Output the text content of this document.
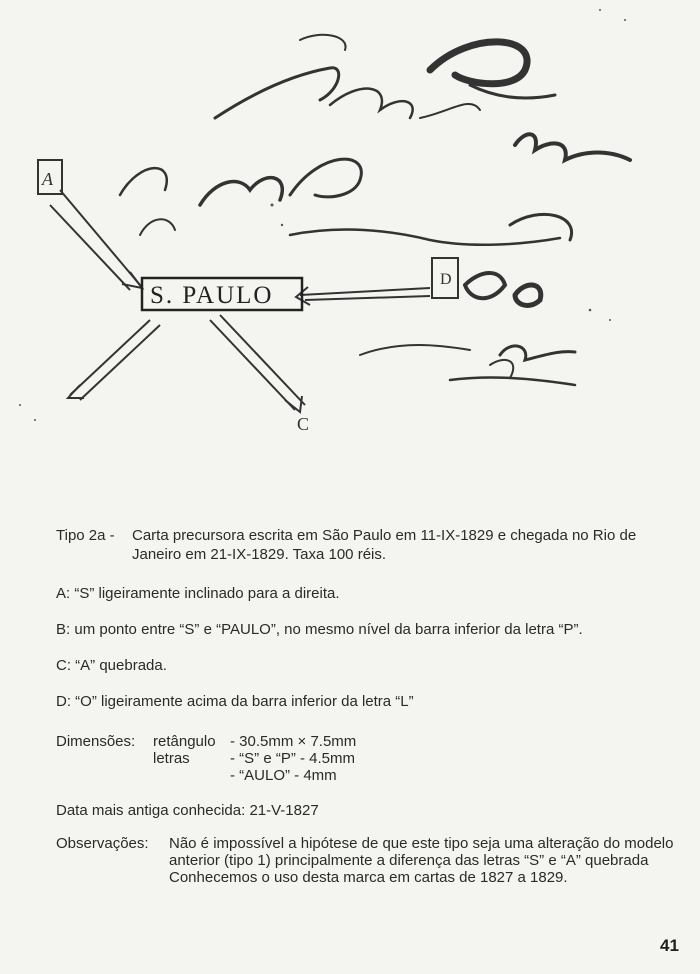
A
D
C
S. PAULO
Tipo 2a - Carta precursora escrita em São Paulo em 11-IX-1829 e chegada no Rio de Janeiro em 21-IX-1829. Taxa 100 réis.
A: “S” ligeiramente inclinado para a direita.
B: um ponto entre “S” e “PAULO”, no mesmo nível da barra inferior da letra “P”.
C: “A” quebrada.
D: “O” ligeiramente acima da barra inferior da letra “L”
Dimensões: retângulo - 30.5mm × 7.5mm
letras	- “S” e “P” - 4.5mm
- “AULO” - 4mm
Data mais antiga conhecida: 21-V-1827
Observações: Não é impossível a hipótese de que este tipo seja uma alteração do modelo anterior (tipo 1) principalmente a diferença das letras “S” e “A” quebrada Conhecemos o uso desta marca em cartas de 1827 a 1829.
41
